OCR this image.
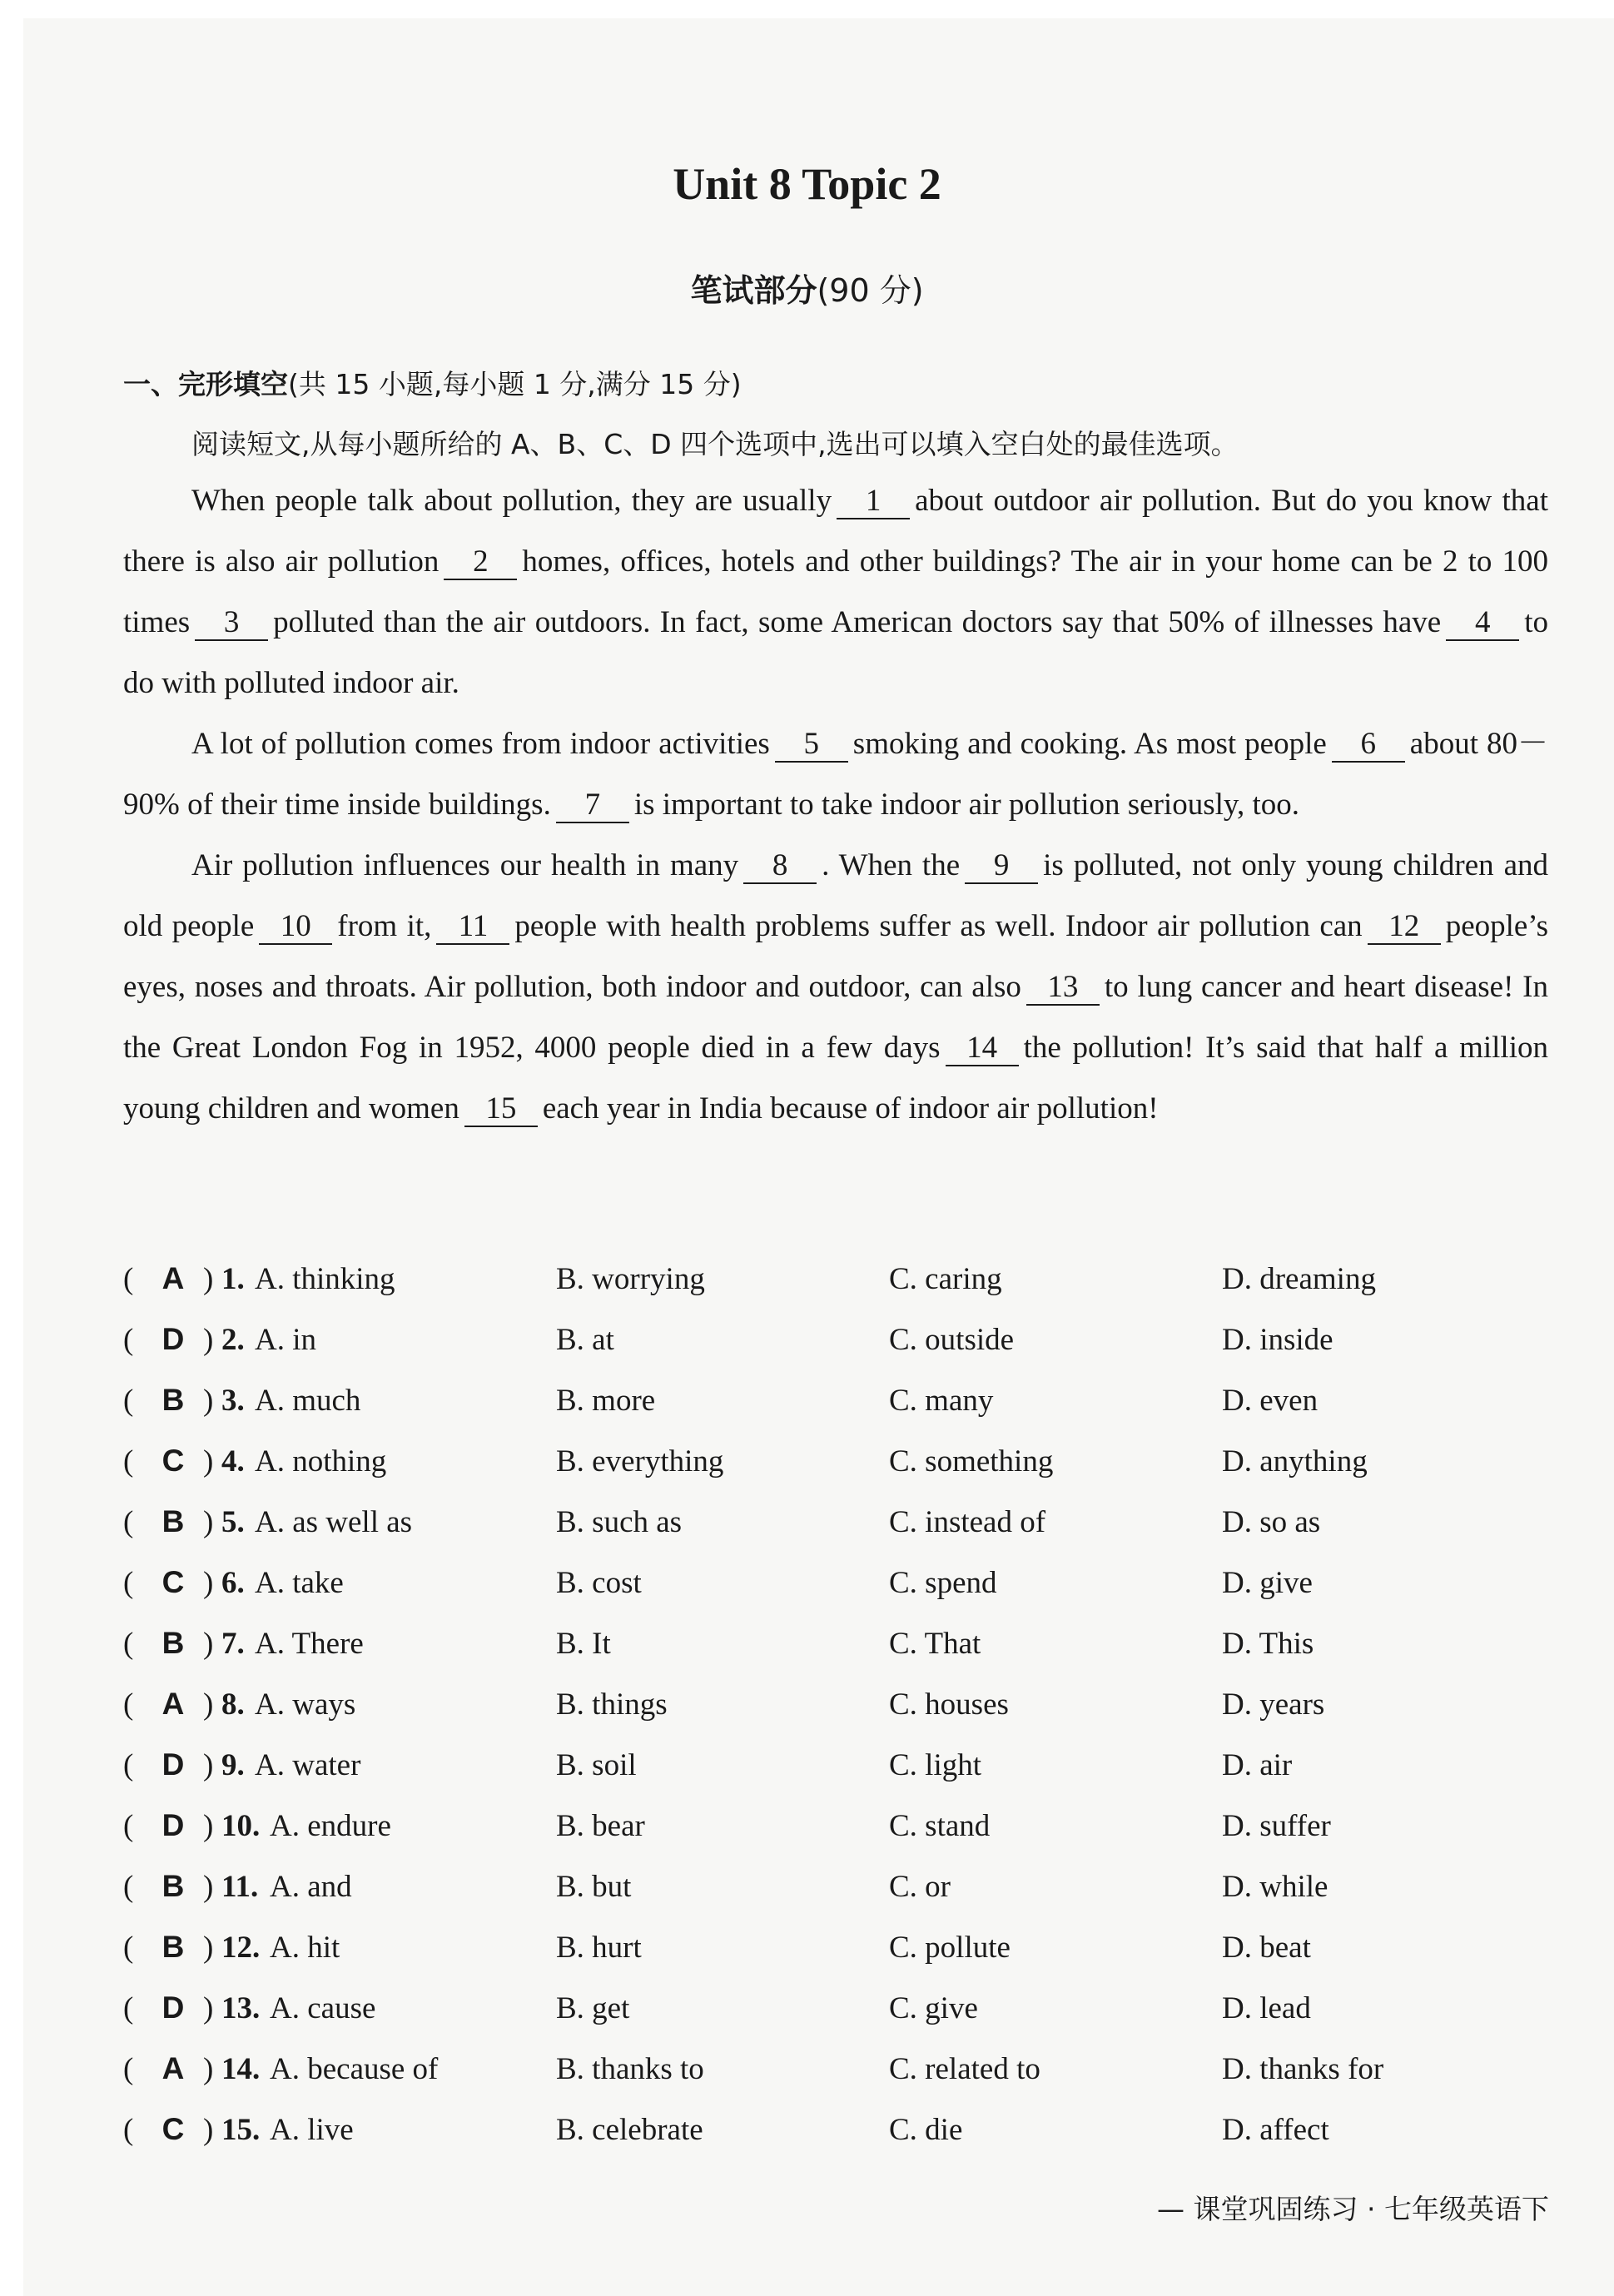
Unit 8 Topic 2
笔试部分(90 分)
一、完形填空(共 15 小题,每小题 1 分,满分 15 分)
阅读短文,从每小题所给的 A、B、C、D 四个选项中,选出可以填入空白处的最佳选项。

When people talk about pollution, they are usually 1 about outdoor air pollution. But do you know that there is also air pollution 2 homes, offices, hotels and other buildings? The air in your home can be 2 to 100 times 3 polluted than the air outdoors. In fact, some American doctors say that 50% of illnesses have 4 to do with polluted indoor air.

A lot of pollution comes from indoor activities 5 smoking and cooking. As most people 6 about 80－90% of their time inside buildings. 7 is important to take indoor air pollution seriously, too.

Air pollution influences our health in many 8 . When the 9 is polluted, not only young children and old people 10 from it, 11 people with health problems suffer as well. Indoor air pollution can 12 people’s eyes, noses and throats. Air pollution, both indoor and outdoor, can also 13 to lung cancer and heart disease! In the Great London Fog in 1952, 4000 people died in a few days 14 the pollution! It’s said that half a million young children and women 15 each year in India because of indoor air pollution!

( A ) 1. A. thinking	B. worrying	C. caring	D. dreaming
( D ) 2. A. in	B. at	C. outside	D. inside
( B ) 3. A. much	B. more	C. many	D. even
( C ) 4. A. nothing	B. everything	C. something	D. anything
( B ) 5. A. as well as	B. such as	C. instead of	D. so as
( C ) 6. A. take	B. cost	C. spend	D. give
( B ) 7. A. There	B. It	C. That	D. This
( A ) 8. A. ways	B. things	C. houses	D. years
( D ) 9. A. water	B. soil	C. light	D. air
( D ) 10. A. endure	B. bear	C. stand	D. suffer
( B ) 11. A. and	B. but	C. or	D. while
( B ) 12. A. hit	B. hurt	C. pollute	D. beat
( D ) 13. A. cause	B. get	C. give	D. lead
( A ) 14. A. because of	B. thanks to	C. related to	D. thanks for
( C ) 15. A. live	B. celebrate	C. die	D. affect
— 课堂巩固练习 · 七年级英语下
